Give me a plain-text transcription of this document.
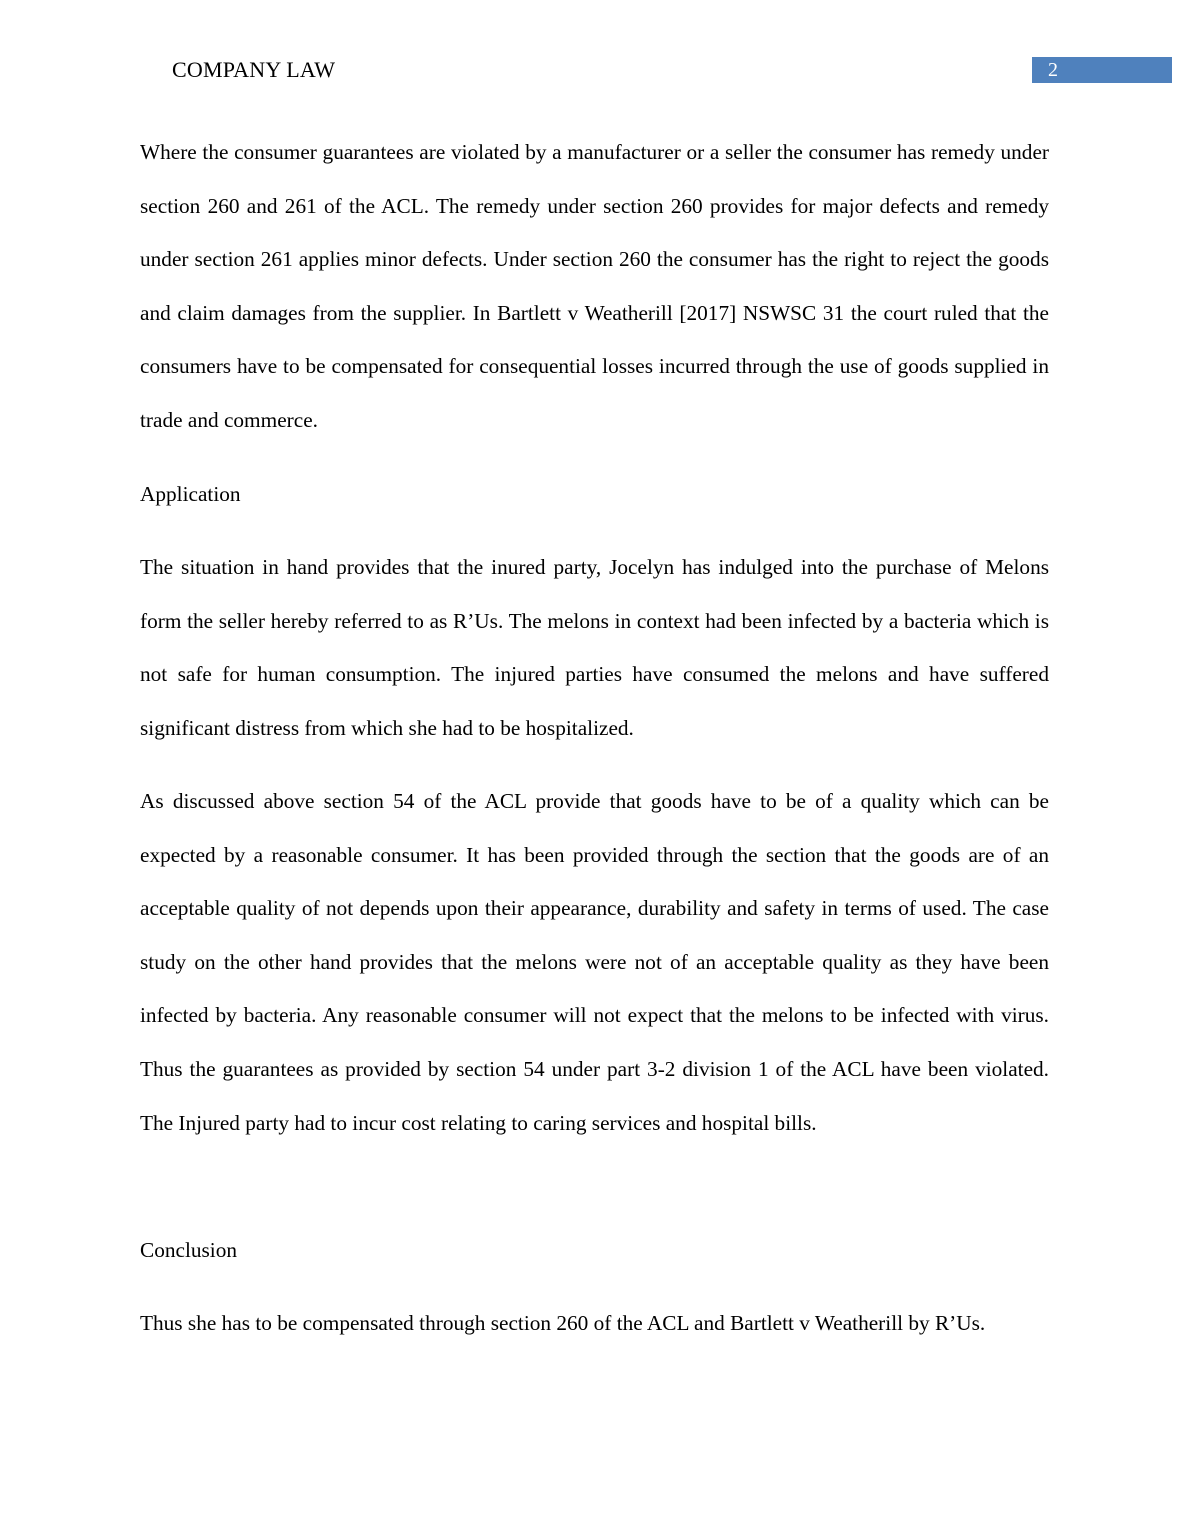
COMPANY LAW	2

Where the consumer guarantees are violated by a manufacturer or a seller the consumer has remedy under section 260 and 261 of the ACL. The remedy under section 260 provides for major defects and remedy under section 261 applies minor defects. Under section 260 the consumer has the right to reject the goods and claim damages from the supplier. In Bartlett v Weatherill [2017] NSWSC 31 the court ruled that the consumers have to be compensated for consequential losses incurred through the use of goods supplied in trade and commerce.

Application

The situation in hand provides that the inured party, Jocelyn has indulged into the purchase of Melons form the seller hereby referred to as R’Us. The melons in context had been infected by a bacteria which is not safe for human consumption. The injured parties have consumed the melons and have suffered significant distress from which she had to be hospitalized.

As discussed above section 54 of the ACL provide that goods have to be of a quality which can be expected by a reasonable consumer. It has been provided through the section that the goods are of an acceptable quality of not depends upon their appearance, durability and safety in terms of used. The case study on the other hand provides that the melons were not of an acceptable quality as they have been infected by bacteria. Any reasonable consumer will not expect that the melons to be infected with virus. Thus the guarantees as provided by section 54 under part 3-2 division 1 of the ACL have been violated. The Injured party had to incur cost relating to caring services and hospital bills.

Conclusion

Thus she has to be compensated through section 260 of the ACL and Bartlett v Weatherill by R’Us.
